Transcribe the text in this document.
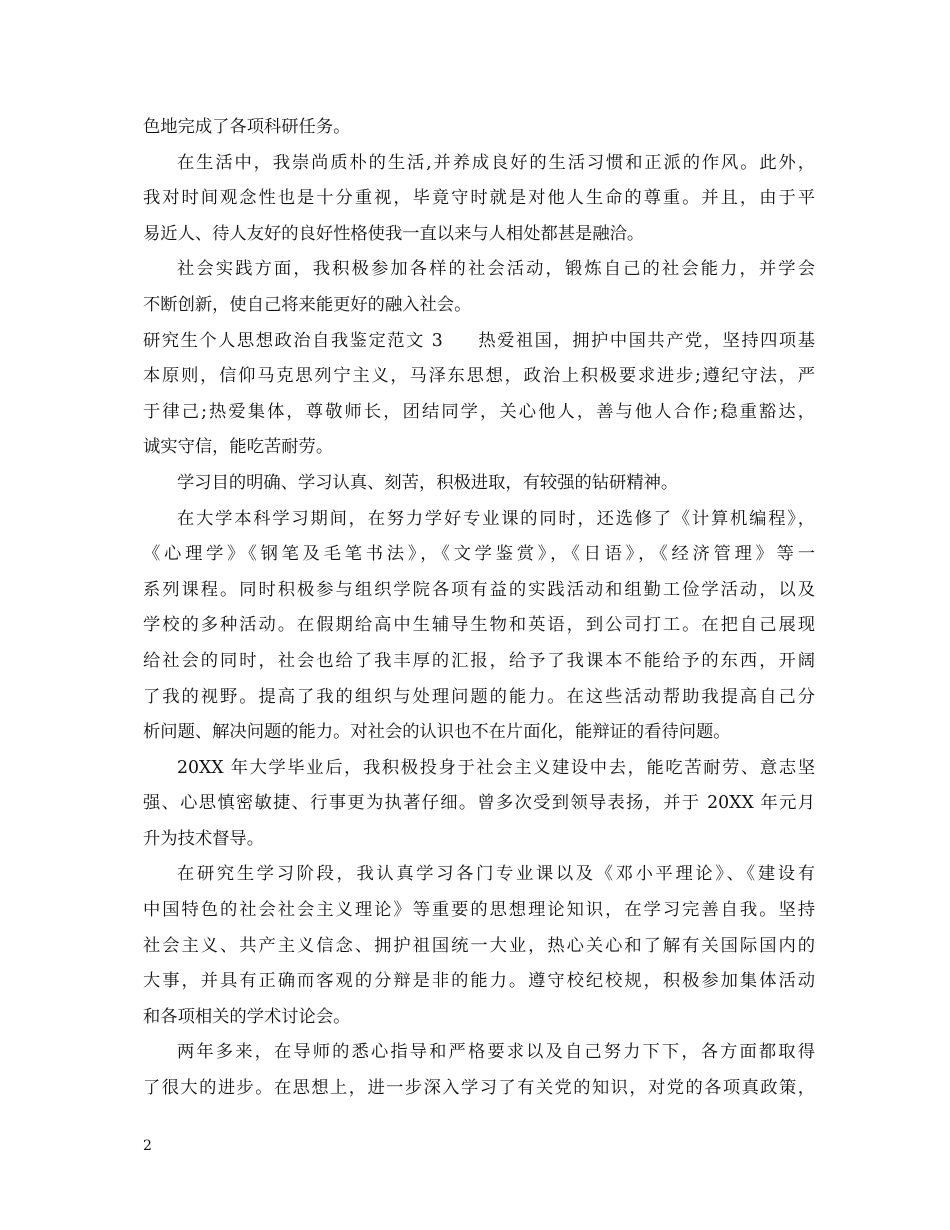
色地完成了各项科研任务。
在生活中，我崇尚质朴的生活,并养成良好的生活习惯和正派的作风。此外，
我对时间观念性也是十分重视，毕竟守时就是对他人生命的尊重。并且，由于平
易近人、待人友好的良好性格使我一直以来与人相处都甚是融洽。
社会实践方面，我积极参加各样的社会活动，锻炼自己的社会能力，并学会
不断创新，使自己将来能更好的融入社会。
研究生个人思想政治自我鉴定范文 3 热爱祖国，拥护中国共产党，坚持四项基
本原则，信仰马克思列宁主义，马泽东思想，政治上积极要求进步;遵纪守法，严
于律己;热爱集体，尊敬师长，团结同学，关心他人，善与他人合作;稳重豁达，
诚实守信，能吃苦耐劳。
学习目的明确、学习认真、刻苦，积极进取，有较强的钻研精神。
在大学本科学习期间，在努力学好专业课的同时，还选修了《计算机编程》，
《心理学》《钢笔及毛笔书法》，《文学鉴赏》，《日语》，《经济管理》等一
系列课程。同时积极参与组织学院各项有益的实践活动和组勤工俭学活动，以及
学校的多种活动。在假期给高中生辅导生物和英语，到公司打工。在把自己展现
给社会的同时，社会也给了我丰厚的汇报，给予了我课本不能给予的东西，开阔
了我的视野。提高了我的组织与处理问题的能力。在这些活动帮助我提高自己分
析问题、解决问题的能力。对社会的认识也不在片面化，能辩证的看待问题。
20XX 年大学毕业后，我积极投身于社会主义建设中去，能吃苦耐劳、意志坚
强、心思慎密敏捷、行事更为执著仔细。曾多次受到领导表扬，并于 20XX 年元月
升为技术督导。
在研究生学习阶段，我认真学习各门专业课以及《邓小平理论》、《建设有
中国特色的社会社会主义理论》等重要的思想理论知识，在学习完善自我。坚持
社会主义、共产主义信念、拥护祖国统一大业，热心关心和了解有关国际国内的
大事，并具有正确而客观的分辩是非的能力。遵守校纪校规，积极参加集体活动
和各项相关的学术讨论会。
两年多来，在导师的悉心指导和严格要求以及自己努力下下，各方面都取得
了很大的进步。在思想上，进一步深入学习了有关党的知识，对党的各项真政策，
2
